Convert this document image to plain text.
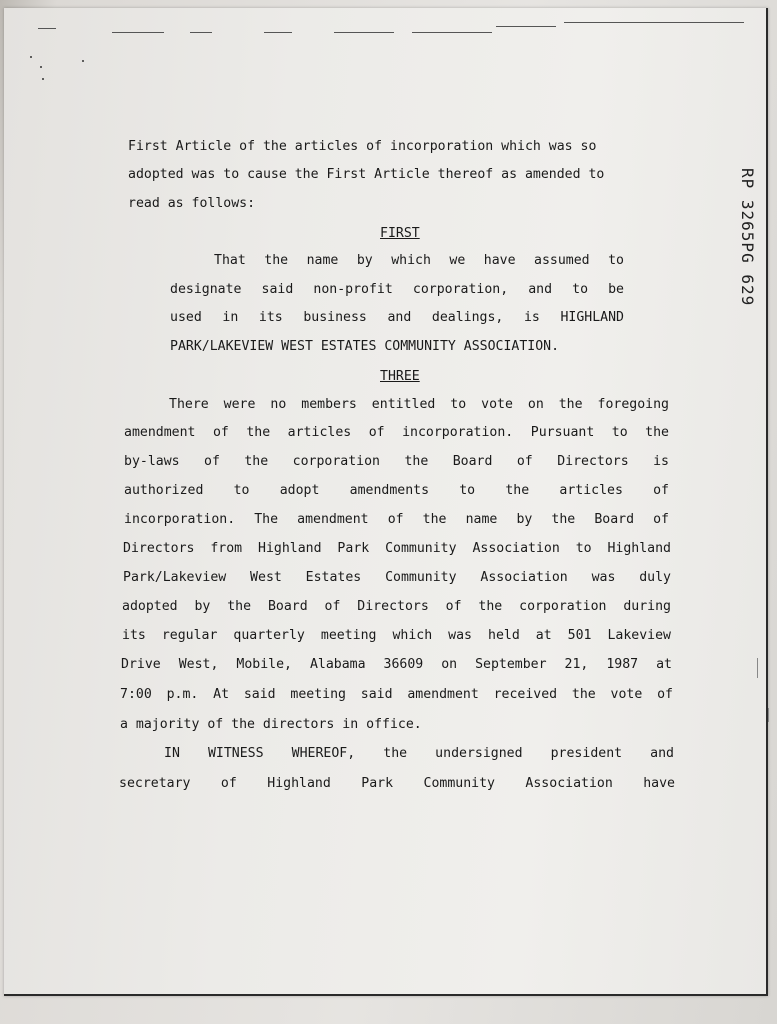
RP 3265PG 629

First Article of the articles of incorporation which was so

adopted was to cause the First Article thereof as amended to

read as follows:

FIRST

That the name by which we have assumed to

designate said non-profit corporation, and to be

used in its business and dealings, is HIGHLAND

PARK/LAKEVIEW WEST ESTATES COMMUNITY ASSOCIATION.

THREE

There were no members entitled to vote on the foregoing

amendment of the articles of incorporation. Pursuant to the

by-laws of the corporation the Board of Directors is

authorized to adopt amendments to the articles of

incorporation. The amendment of the name by the Board of

Directors from Highland Park Community Association to Highland

Park/Lakeview West Estates Community Association was duly

adopted by the Board of Directors of the corporation during

its regular quarterly meeting which was held at 501 Lakeview

Drive West, Mobile, Alabama 36609 on September 21, 1987 at

7:00 p.m. At said meeting said amendment received the vote of

a majority of the directors in office.

IN WITNESS WHEREOF, the undersigned president and

secretary of Highland Park Community Association have
